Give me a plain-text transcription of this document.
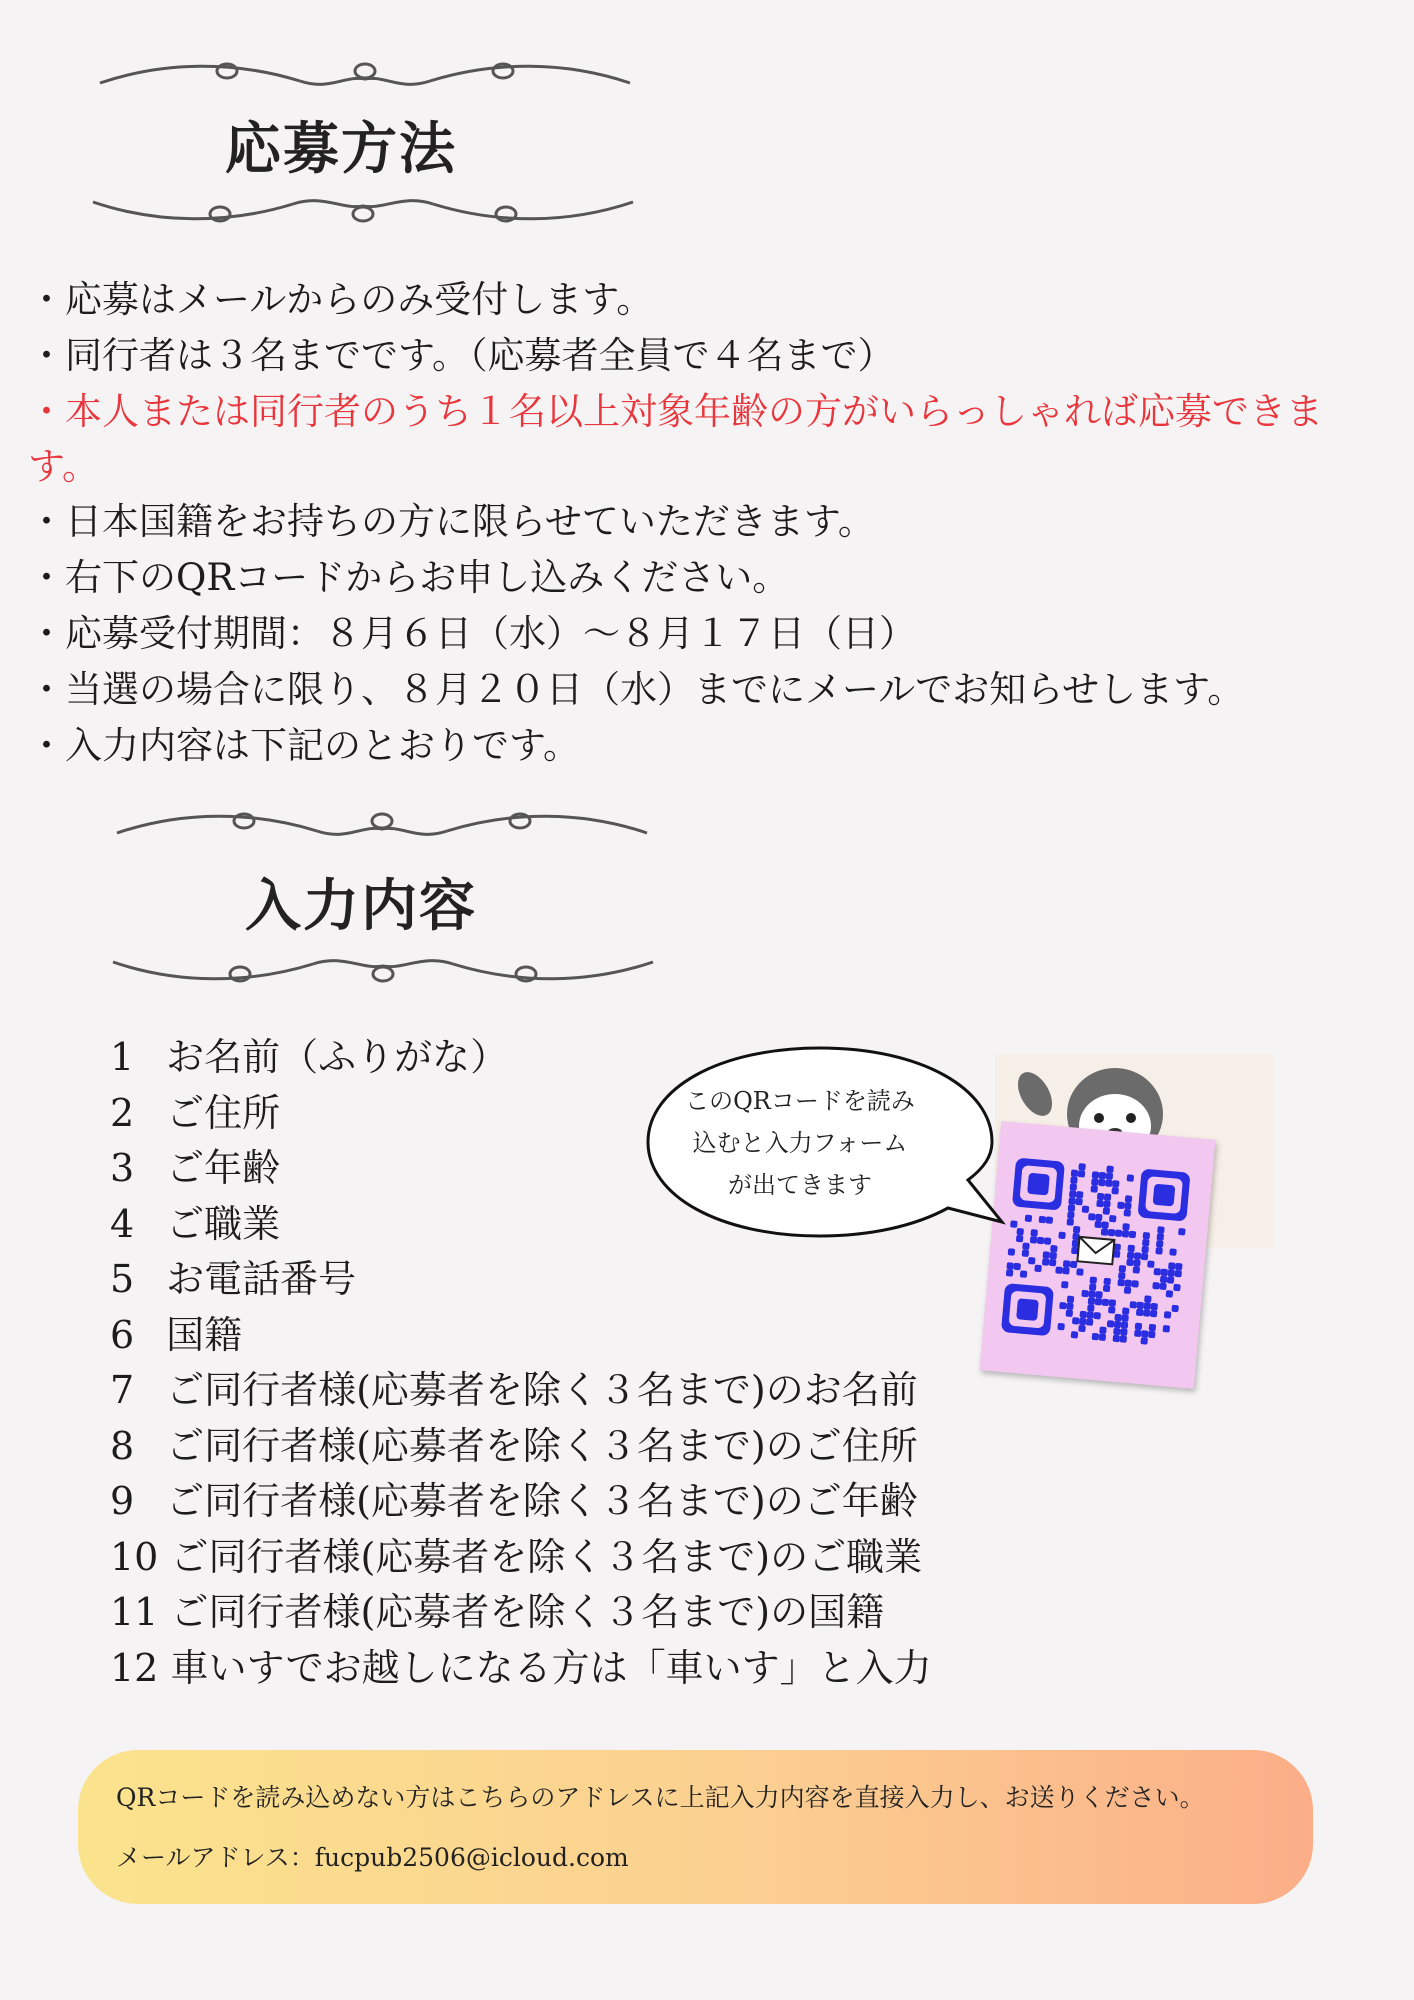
応募方法

・応募はメールからのみ受付します。

・同行者は３名までです。（応募者全員で４名まで）

・本人または同行者のうち１名以上対象年齢の方がいらっしゃれば応募できます。

・日本国籍をお持ちの方に限らせていただきます。

・右下のQRコードからお申し込みください。

・応募受付期間：８月６日（水）〜８月１７日（日）

・当選の場合に限り、８月２０日（水）までにメールでお知らせします。

・入力内容は下記のとおりです。

入力内容
1 お名前（ふりがな）
2 ご住所
3 ご年齢
4 ご職業
5 お電話番号
6 国籍
7 ご同行者様(応募者を除く３名まで)のお名前
8 ご同行者様(応募者を除く３名まで)のご住所
9 ご同行者様(応募者を除く３名まで)のご年齢
10 ご同行者様(応募者を除く３名まで)のご職業
11 ご同行者様(応募者を除く３名まで)の国籍
12 車いすでお越しになる方は「車いす」と入力
このQRコードを読み
込むと入力フォーム
が出てきます
QRコードを読み込めない方はこちらのアドレスに上記入力内容を直接入力し、お送りください。
メールアドレス：fucpub2506@icloud.com
